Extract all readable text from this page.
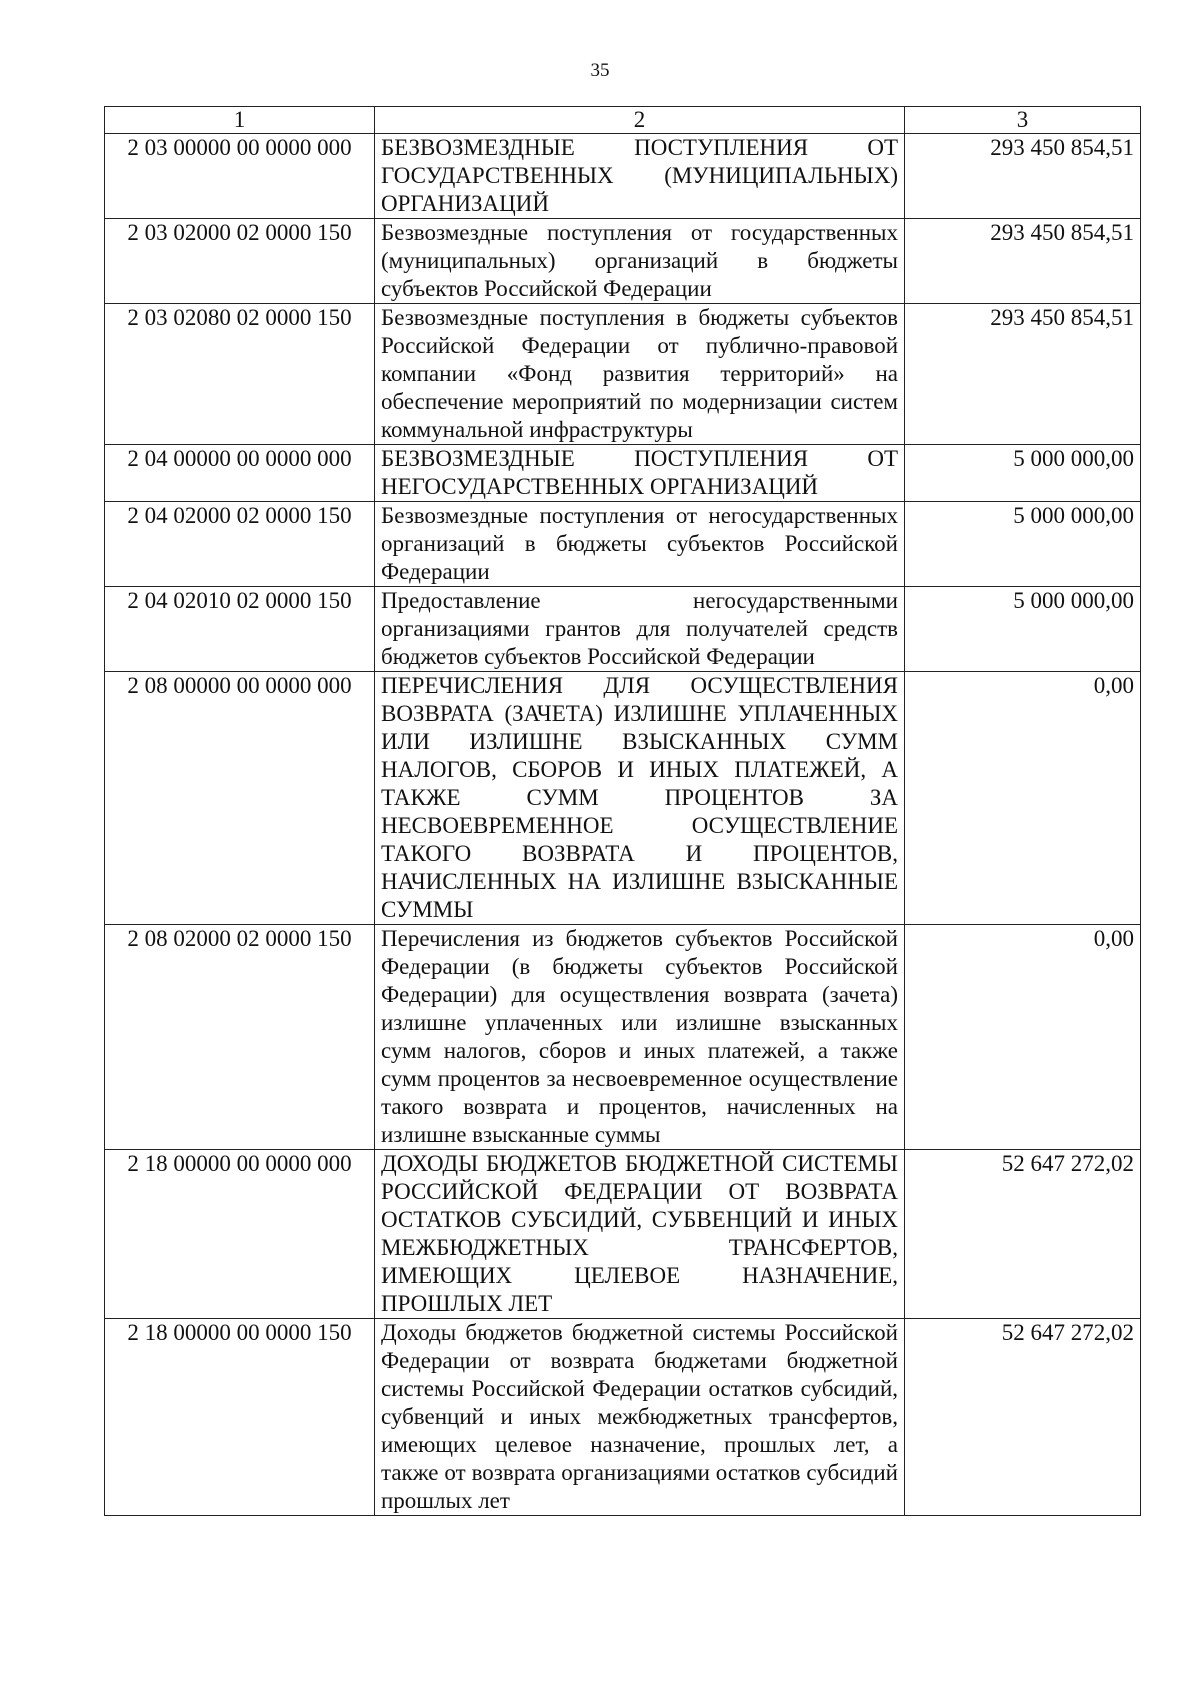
35
1	2	3
2 03 00000 00 0000 000	БЕЗВОЗМЕЗДНЫЕ ПОСТУПЛЕНИЯ ОТ ГОСУДАРСТВЕННЫХ (МУНИЦИПАЛЬНЫХ) ОРГАНИЗАЦИЙ	293 450 854,51
2 03 02000 02 0000 150	Безвозмездные поступления от государственных (муниципальных) организаций в бюджеты субъектов Российской Федерации	293 450 854,51
2 03 02080 02 0000 150	Безвозмездные поступления в бюджеты субъектов Российской Федерации от публично-правовой компании «Фонд развития территорий» на обеспечение мероприятий по модернизации систем коммунальной инфраструктуры	293 450 854,51
2 04 00000 00 0000 000	БЕЗВОЗМЕЗДНЫЕ ПОСТУПЛЕНИЯ ОТ НЕГОСУДАРСТВЕННЫХ ОРГАНИЗАЦИЙ	5 000 000,00
2 04 02000 02 0000 150	Безвозмездные поступления от негосударственных организаций в бюджеты субъектов Российской Федерации	5 000 000,00
2 04 02010 02 0000 150	Предоставление негосударственными организациями грантов для получателей средств бюджетов субъектов Российской Федерации	5 000 000,00
2 08 00000 00 0000 000	ПЕРЕЧИСЛЕНИЯ ДЛЯ ОСУЩЕСТВЛЕНИЯ ВОЗВРАТА (ЗАЧЕТА) ИЗЛИШНЕ УПЛАЧЕННЫХ ИЛИ ИЗЛИШНЕ ВЗЫСКАННЫХ СУММ НАЛОГОВ, СБОРОВ И ИНЫХ ПЛАТЕЖЕЙ, А ТАКЖЕ СУММ ПРОЦЕНТОВ ЗА НЕСВОЕВРЕМЕННОЕ ОСУЩЕСТВЛЕНИЕ ТАКОГО ВОЗВРАТА И ПРОЦЕНТОВ, НАЧИСЛЕННЫХ НА ИЗЛИШНЕ ВЗЫСКАННЫЕ СУММЫ	0,00
2 08 02000 02 0000 150	Перечисления из бюджетов субъектов Российской Федерации (в бюджеты субъектов Российской Федерации) для осуществления возврата (зачета) излишне уплаченных или излишне взысканных сумм налогов, сборов и иных платежей, а также сумм процентов за несвоевременное осуществление такого возврата и процентов, начисленных на излишне взысканные суммы	0,00
2 18 00000 00 0000 000	ДОХОДЫ БЮДЖЕТОВ БЮДЖЕТНОЙ СИСТЕМЫ РОССИЙСКОЙ ФЕДЕРАЦИИ ОТ ВОЗВРАТА ОСТАТКОВ СУБСИДИЙ, СУБВЕНЦИЙ И ИНЫХ МЕЖБЮДЖЕТНЫХ ТРАНСФЕРТОВ, ИМЕЮЩИХ ЦЕЛЕВОЕ НАЗНАЧЕНИЕ, ПРОШЛЫХ ЛЕТ	52 647 272,02
2 18 00000 00 0000 150	Доходы бюджетов бюджетной системы Российской Федерации от возврата бюджетами бюджетной системы Российской Федерации остатков субсидий, субвенций и иных межбюджетных трансфертов, имеющих целевое назначение, прошлых лет, а также от возврата организациями остатков субсидий прошлых лет	52 647 272,02
